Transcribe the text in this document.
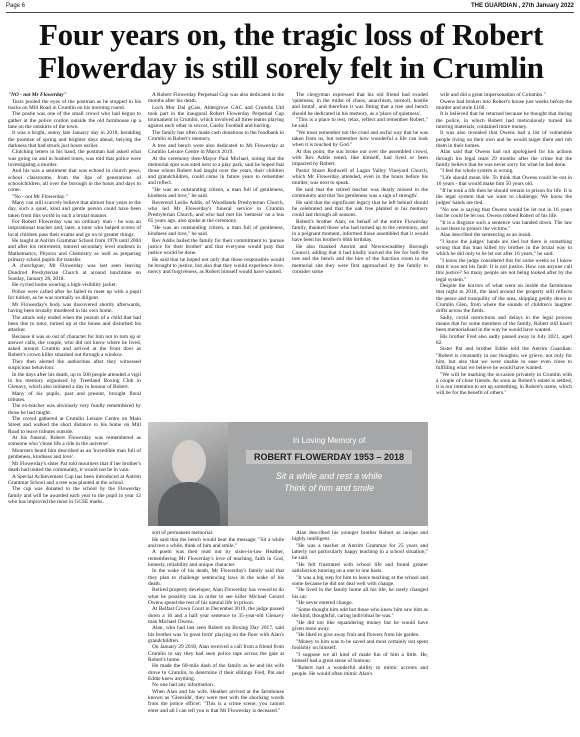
Page 6	THE GUARDIAN , 27th January 2022
Four years on, the tragic loss of Robert Flowerday is still sorely felt in Crumlin

"NO - not Mr Flowerday"

Tears pooled the eyes of the postman as he stopped in his tracks on Mill Road in Crumlin on his morning round.

The postie was one of the small crowd who had begun to gather at the police cordon outside the old farmhouse up a lane on the outskirts of the town.

It was a bright, sunny late January day in 2018, heralding the promise of spring and brighter days ahead, belying the darkness that had struck just hours earlier.

Clutching letters in his hand, the postman had asked what was going on and in hushed tones, was told that police were investigating a murder.

And his was a sentiment that was echoed in church pews, school classrooms, from the lips of generations of schoolchildren, all over the borough in the hours and days to come.

"No - not Mr Flowerday."

Many can still scarcely believe that almost four years to the day, such a quiet, kind and gentle person could have been taken from this world in such a brutal manner.

For Robert Flowerday was no ordinary man - he was an inspirational teacher and, later, a tutor who helped scores of local children pass their exams and go on to greater things.

He taught at Antrim Grammar School from 1978 until 2004 and after his retirement, tutored secondary level students in Mathematics, Physics and Chemistry as well as preparing primary school pupils for transfer.

A churchgoer, Mr Flowerday was last seen leaving Dundrod Presbyterian Church at around lunchtime on Sunday, January 28, 2018.

He cycled home wearing a high-visibility jacket.

Police were called after he failed to meet up with a pupil for tuition, as he was normally so diligent.

Mr Flowerday's body was discovered shortly afterwards, having been brutally murdered in his own home.

The attack only ended when the pursuit of a child that had been due to tutor, turned up at the house and disturbed his attacker.

Because it was so out of character for him not to turn up or answer calls, the couple, who did not know where he lived, asked around Crumlin and arrived at the front door as Robert's crown killer smashed out through a window.

They then alerted the authorities after they witnessed suspicious behaviour.

In the days after his death, up to 500 people attended a vigil in his memory organised by Treetland Boxing Club in Glenavy, which also initiated a day in honour of Robert.

Many of his pupils, past and present, brought floral tributes.

The ex-teacher was obviously very fondly remembered by those he had taught.

The crowd gathered at Crumlin Leisure Centre on Main Street and walked the short distance to his home on Mill Road to leave tributes outside.

At his funeral, Robert Flowerday was remembered as someone who 'chose life a ride in the universe'.

Mourners heard him described as an 'incredible man full of gentleness, kindness and love'.

Mr Flowerday's sister Pat told mourners that if her brother's death had united the community, it would not be in vain.

A Special Achievement Cup has been introduced at Antrim Grammar School and a tree was planted at the school.

The cup was donated to the school by the Flowerday family and will be awarded each year to the pupil in year 12 who has improved the most in GCSE maths.

A Robert Flowerday Perpetual Cup was also dedicated in the months after his death.

Loch Mor Dal gCais, Aldergrove GAC and Crumlin Utd took part in the inaugural Robert Flowerday Perpetual Cup tournament in Crumlin, which involved all three teams playing against each other in soccer, Gaelic Football and hurling.

The family has often made cash donations to the foodbank in Crumlin in Robert's memory.

A tree and bench were also dedicated to Mr Flowerday at Crumlin Leisure Centre in March 2019.

At the ceremony then-Mayor Paul Michael, noting that the memorial spot was sited next to a play park, said he hoped that those whom Robert had taught over the years, their children and grandchildren, could come in future years to remember and reflect.

"He was an outstanding citizen, a man full of gentleness, kindness and love," he said.

Reverend Leslie Addis, of Woodlands Presbyterian Church, who led Mr Flowerday's funeral service in Crumlin Presbyterian Church, and who had met his 'nemesis' on a bus 65 years ago, also spoke at the ceremony.

"He was an outstanding citizen, a man full of gentleness, kindness and love," he said.

Rev Addis hailed the family for their commitment to 'pursue justice for their brother' and that everyone would pray that justice would be done.

He said that he hoped not only that those responsible would be brought to justice, but also that they would experience love, mercy and forgiveness, as Robert himself would have wanted.

The clergyman expressed that his old friend had exuded 'quietness, in the midst of chaos, anarchism, turmoil, hostile and brutal', and therefore it was fitting that a tree and bench should be dedicated in his memory, as a 'place of quietness'.

"This is a place to rest, relax, reflect and remember Robert," he said.

"We must remember not the cruel and awful way that he was taken from us, but remember how wonderful a life can look when it is touched by God."

At this point, the sun broke out over the assembled crowd, with Rev Addis noted, like himself, had lived or been impacted by Robert.

Pastor Stuart Rothwell of Lagan Valley Vineyard Church, which Mr Flowerday attended, even in the hours before his murder, was next to speak.

He said that the retired teacher was dearly missed in the community and that 'his gentleness was a sign of strength'.

He said that the significant legacy that he left behind should be celebrated and that the oak tree planted in his memory could last through all seasons.

Robert's brother Alan, on behalf of the entire Flowerday family, thanked those who had turned up to the ceremony, and in a poignant moment, informed those assembled that it would have been his brother's 66th birthday.

He also thanked Antrim and Newtownabbey Borough Council, adding that it had kindly waived the fee for both the tree and the bench and the hire of the function room in the memorial site they were first approached by the family to consider some

In Loving Memory of
ROBERT FLOWERDAY 1953 – 2018
Sit a while and rest a while
Think of him and smile

sort of permanent memorial.

He said that the bench would bear the message: "Sit a while and rest a while, think of him and smile."

A poem was then read out by sister-in-law Heather, remembering Mr Flowerday's love of teaching, faith in God, honesty, reliability and unique character.

In the wake of his death, Mr Flowerday's family said that they plan to challenge sentencing laws in the wake of his death.

Retired property developer, Alan Flowerday has vowed to do what he possibly can in order to see killer Michael Gerard Owens spend the rest of his natural life in prison.

At Belfast Crown Court in December 2019, the judge passed down a 16 and a half year sentence to 35-year-old Glenavy man Michael Owens.

Alan, who had last seen Robert on Boxing Day 2017, said his brother was 'in great form' playing on the floor with Alan's grandchildren.

On January 29 2018, Alan received a call from a friend from Crumlin to say they had seen police tape across the gate at Robert's home.

He made the 60-mile dash of the family as he and his wife drove to Crumlin, to determine if their siblings Fred, Pat and Eddie knew anything.

No one had any information.

When Alan and his wife, Heather arrived at the farmhouse known as 'Glenside', they were met with the shocking words from the police officer: "This is a crime scene, you cannot enter and all I can tell you is that Mr Flowerday is deceased."

Alan described his younger brother Robert as unique and highly intelligent.

"He was a teacher at Antrim Grammar for 25 years and latterly not particularly happy teaching in a school situation," he said.

"He felt frustrated with school life and found greater satisfaction tutoring on a one to one basis.

"It was a big step for him to leave teaching at the school and some because he did not deal well with change.

"He lived in the family home all his life, he rarely changed his car.

"He never entered change.

"Some thought him odd but those who knew him saw him as the kind, thoughtful, caring individual he was."

"He did not like squandering money but he would have given more away.

"He liked to give away fruit and flowers from his garden.

"Money to him was to be saved and most certainly not spent foolishly on himself.

"I suppose we all kind of made fun of him a little. He, himself had a great sense of humour.

"Robert had a wonderful ability to mimic accents and people. He would often mimic Alan's

wife and did a great impersonation of Columbo."

Owens had broken into Robert's house just weeks before the murder and stole £100.

It is believed that he returned because he thought that during the police, in which Robert had meticulously turned his tutoring materials, contained more money.

It was also revealed that Owens had a list of vulnerable people living on their own and he would target them and rob them in their homes.

Alan said that Owens had not apologised for his actions through his legal team 29 months after the crime but the family believe that he was never sorry for what he had done.

"I feel the whole system is wrong.

"Life should mean life. To think that Owens could be out in 16 years - that would make him 50 years old.

"If he took a life then he should remain in prison for life. It is the legal system that we want to challenge. We know the judges' hands are tied.

"No one is saying that Owens would be let out in 16 years but he could be let out. Owens robbed Robert of his life.

"It is a disgrace such a sentence was handed down. The law is not there to protect the victims."

Alan described the sentencing as an insult.

"I know the judges' hands are tied but there is something wrong that this man killed my brother in the brutal way in which he did only to be let out after 16 years," he said.

"I know the judge considered this for some weeks so I know that it was not his fault. It is not justice. How can anyone call this justice? So many people are not being looked after by the legal system."

Despite the horrors of what went on inside the farmhouse that night in 2018, the land around the property still reflects the peace and tranquility of the area, skipping gently down to Crumlin Glen, from where the sounds of children's laughter drifts across the fields.

Sadly, covid restrictions and delays in the legal process means that for some members of the family, Robert still hasn't been memorialised in the way he would have wanted.

His brother Fred also sadly passed away in July 2021, aged 82.

Sister Pat and brother Eddie told the Antrim Guardian: "Robert is constantly in our thoughts; we grieve, not only for him, but also that we were unable to ease even close to fulfilling what we believe he would have wanted.

"We will be marking the occasion privately in Crumlin with a couple of close friends. As soon as Robert's estate is settled, it is our intention to set up something, in Robert's name, which will be for the benefit of others."
